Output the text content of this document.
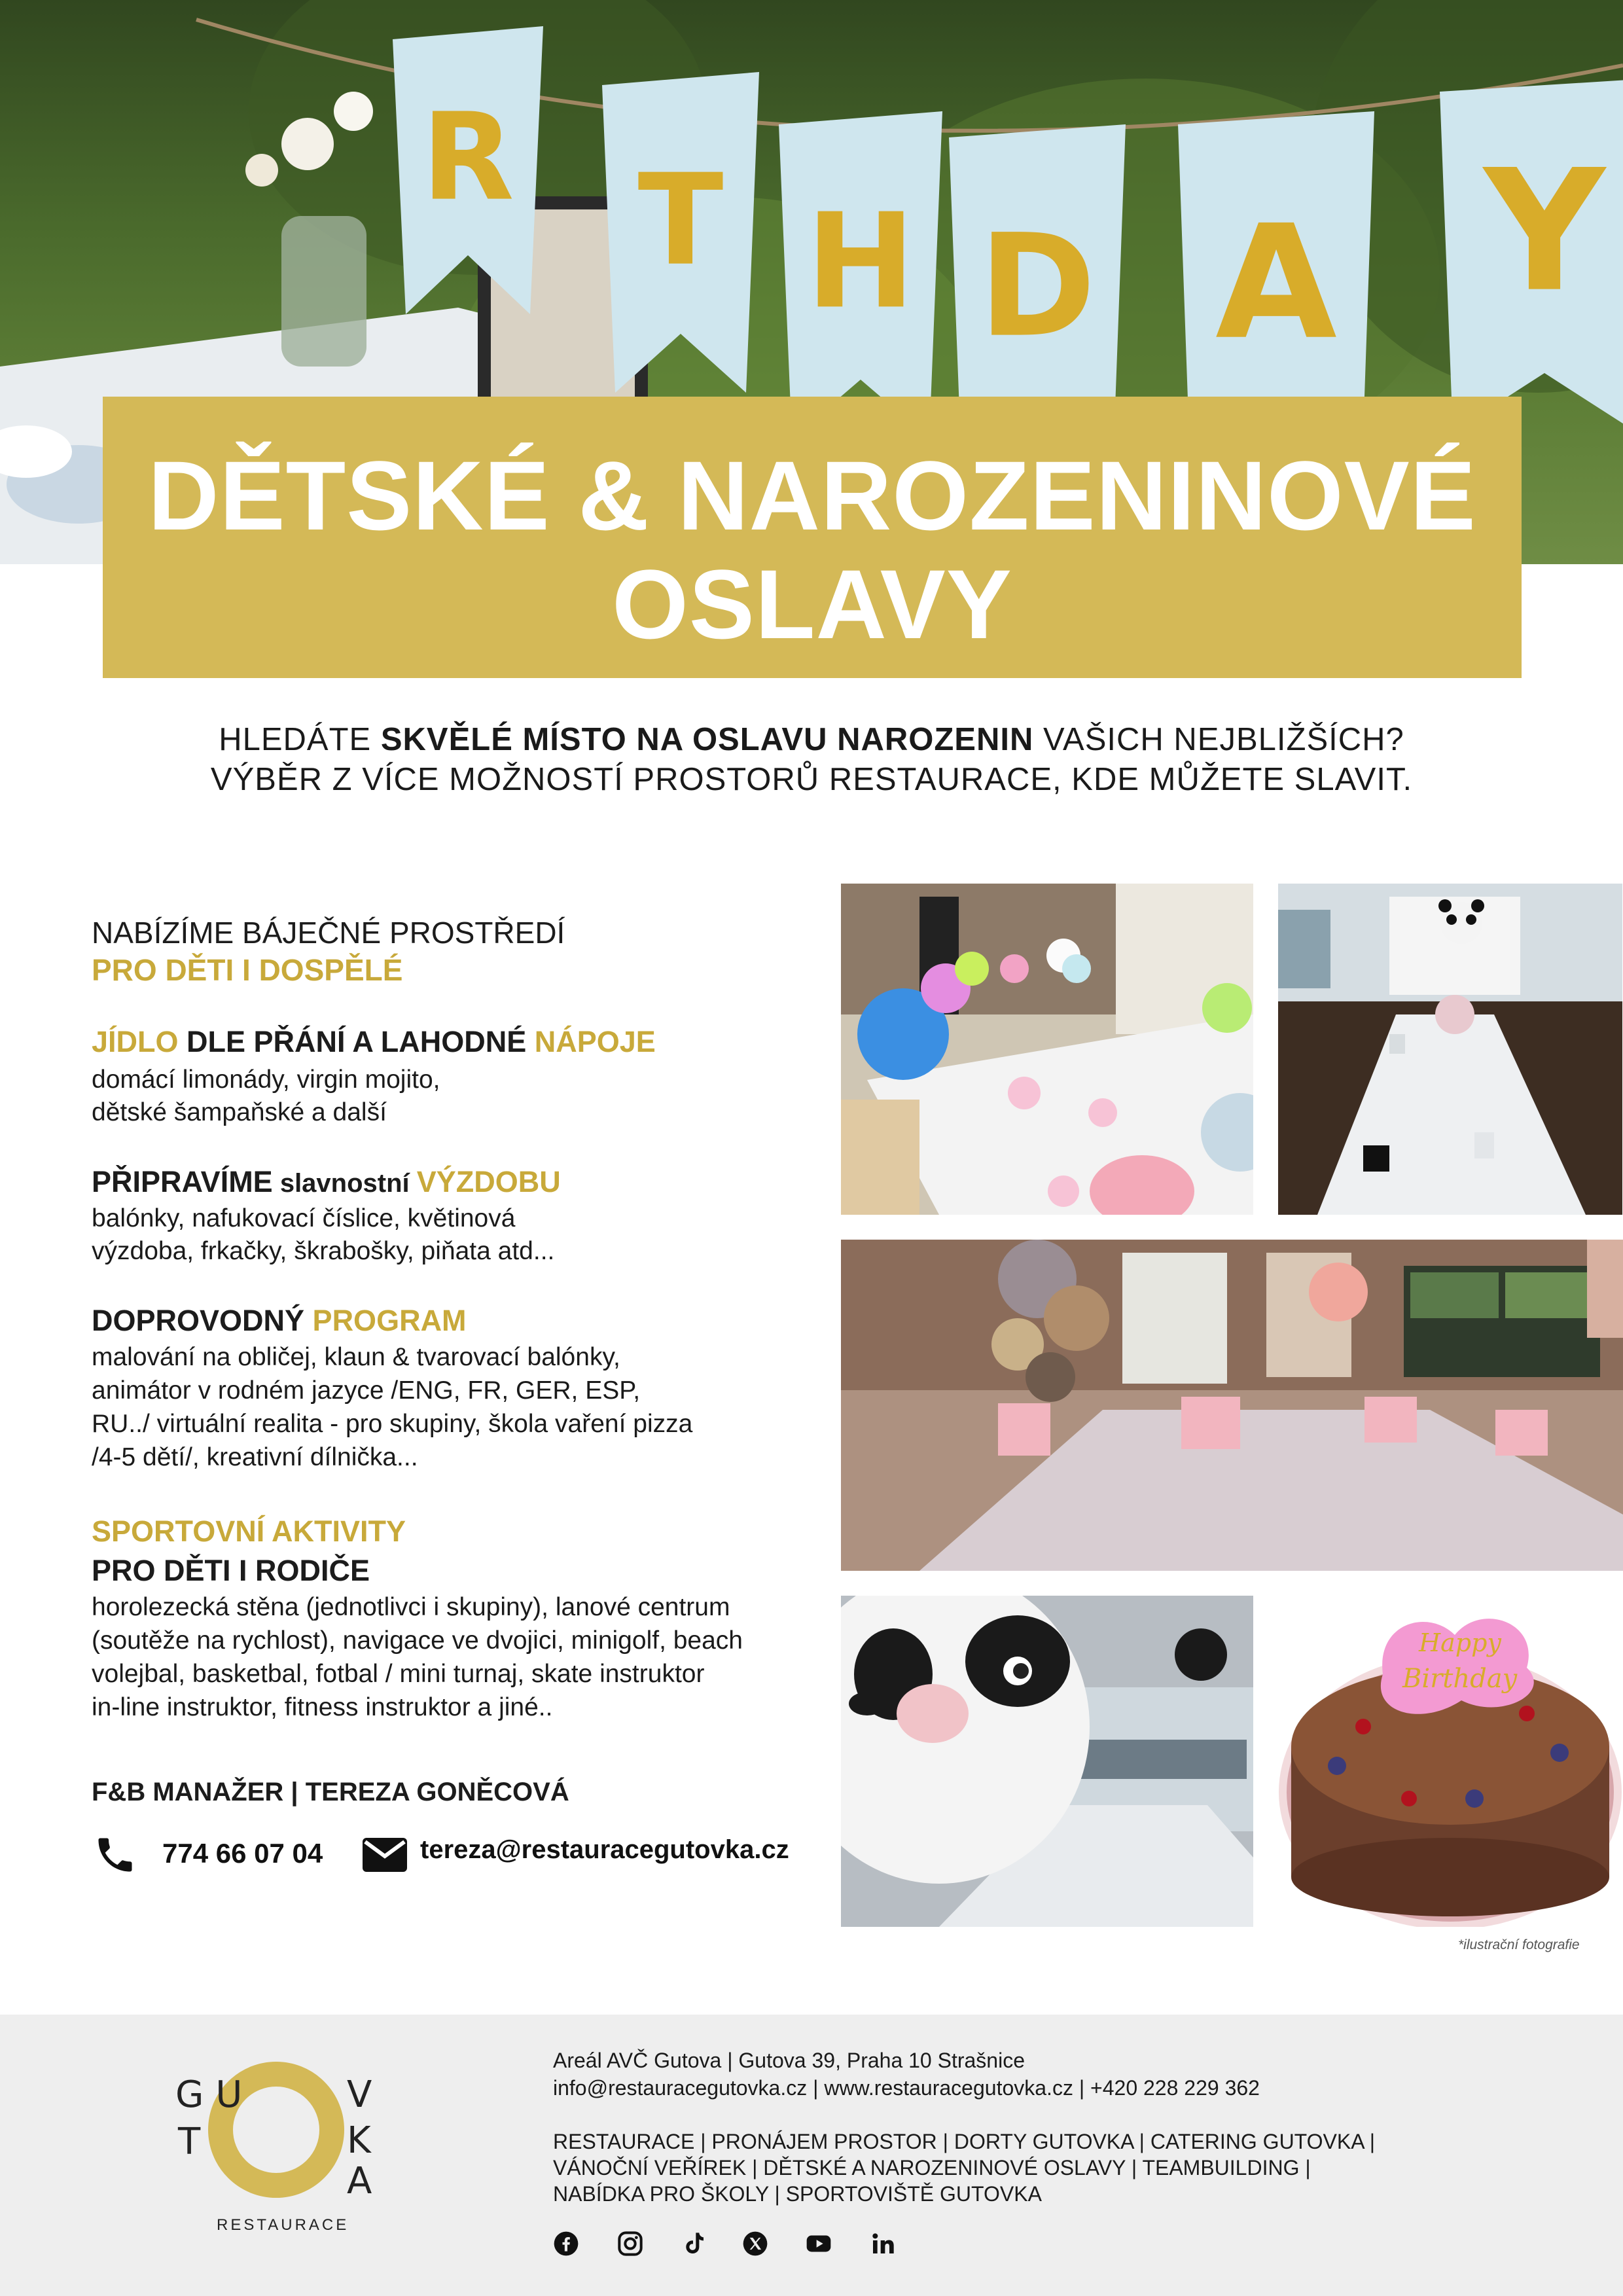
R T H D A Y
DĚTSKÉ & NAROZENINOVÉ
OSLAVY
HLEDÁTE SKVĚLÉ MÍSTO NA OSLAVU NAROZENIN VAŠICH NEJBLIŽŠÍCH?
VÝBĚR Z VÍCE MOŽNOSTÍ PROSTORŮ RESTAURACE, KDE MŮŽETE SLAVIT.
NABÍZÍME BÁJEČNÉ PROSTŘEDÍ
PRO DĚTI I DOSPĚLÉ
JÍDLO DLE PŘÁNÍ A LAHODNÉ NÁPOJE
domácí limonády, virgin mojito,
dětské šampaňské a další
PŘIPRAVÍME slavnostní VÝZDOBU
balónky, nafukovací číslice, květinová
výzdoba, frkačky, škrabošky, piňata atd...
DOPROVODNÝ PROGRAM
malování na obličej, klaun & tvarovací balónky,
animátor v rodném jazyce /ENG, FR, GER, ESP,
RU../ virtuální realita - pro skupiny, škola vaření pizza
/4-5 dětí/, kreativní dílnička...
SPORTOVNÍ AKTIVITY
PRO DĚTI I RODIČE
horolezecká stěna (jednotlivci i skupiny), lanové centrum
(soutěže na rychlost), navigace ve dvojici, minigolf, beach
volejbal, basketbal, fotbal / mini turnaj, skate instruktor
in-line instruktor, fitness instruktor a jiné..
F&B MANAŽER | TEREZA GONĚCOVÁ
774 66 07 04	tereza@restauracegutovka.cz
Happy
Birthday
*ilustrační fotografie
GU
T
V
KA
RESTAURACE
Areál AVČ Gutova | Gutova 39, Praha 10 Strašnice
info@restauracegutovka.cz | www.restauracegutovka.cz | +420 228 229 362
RESTAURACE | PRONÁJEM PROSTOR | DORTY GUTOVKA | CATERING GUTOVKA |
VÁNOČNÍ VEŘÍREK | DĚTSKÉ A NAROZENINOVÉ OSLAVY | TEAMBUILDING |
NABÍDKA PRO ŠKOLY | SPORTOVIŠTĚ GUTOVKA
